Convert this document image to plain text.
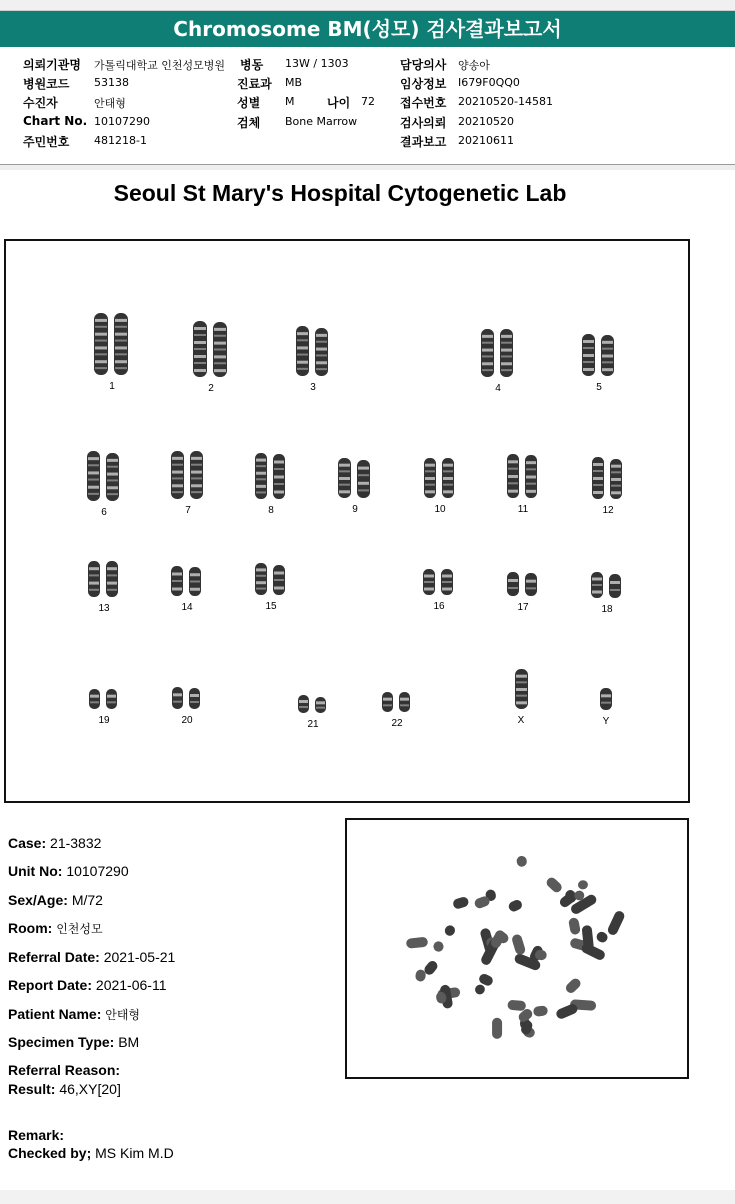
Chromosome BM(성모) 검사결과보고서
의뢰기관명 가톨릭대학교 인천성모병원
병원코드 53138
수진자	안태형
Chart No. 10107290
주민번호 481218-1
병동 13W / 1303
진료과 MB
성별 M	나이 72
검체 Bone Marrow
담당의사 양송아
임상정보 I679F0QQ0
접수번호 20210520-14581
검사의뢰 20210520
결과보고 20210611
Seoul St Mary's Hospital Cytogenetic Lab
1	2	3	4	5
6	7	8	9	10	11	12
13	14	15	16	17	18
19	20	21	22	X	Y
Case: 21-3832
Unit No: 10107290
Sex/Age: M/72
Room: 인천성모
Referral Date: 2021-05-21
Report Date: 2021-06-11
Patient Name: 안태형
Specimen Type: BM
Referral Reason:
Result: 46,XY[20]
Remark:
Checked by; MS Kim M.D
